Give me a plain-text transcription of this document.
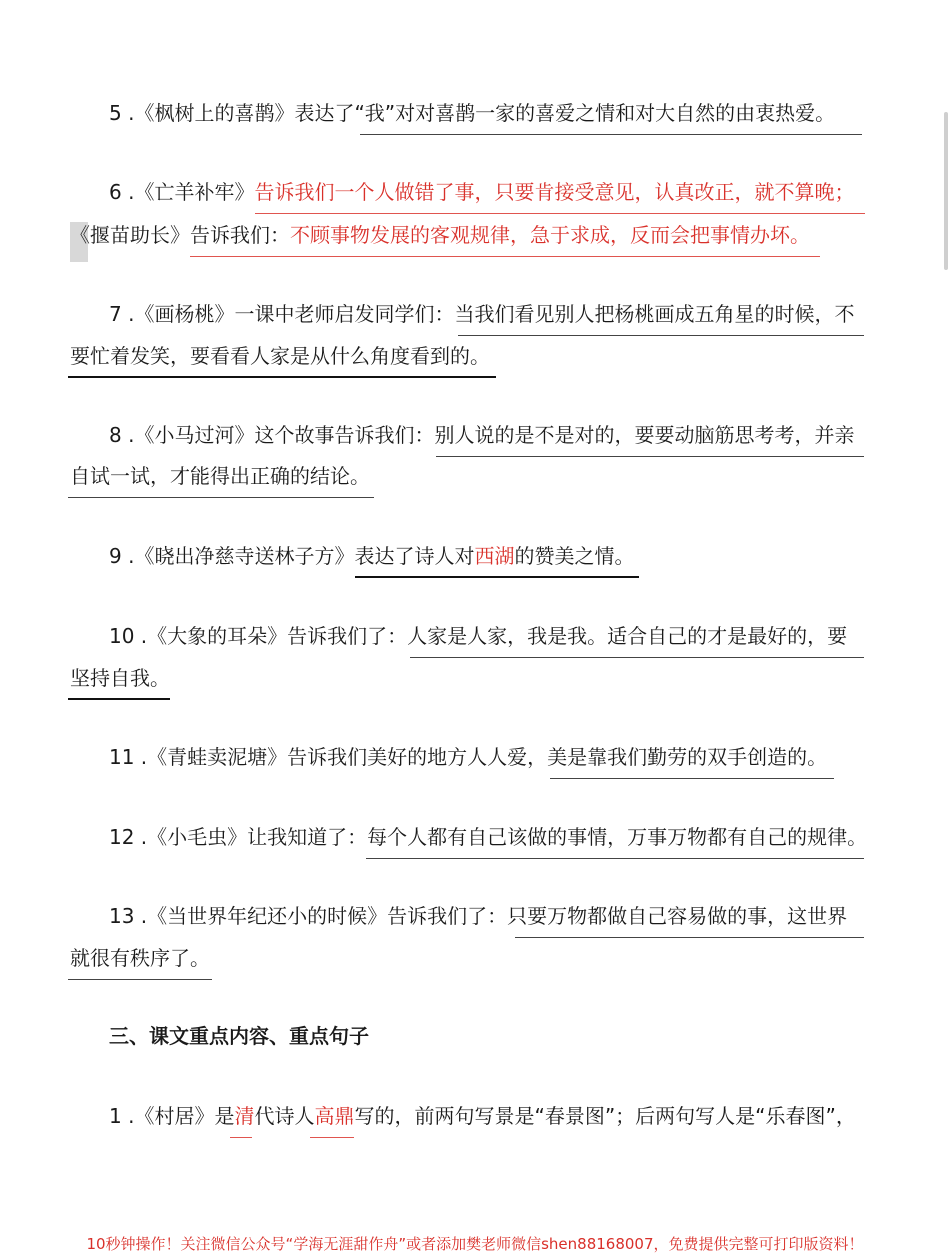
5 .《枫树上的喜鹊》表达了“我”对对喜鹊一家的喜爱之情和对大自然的由衷热爱。
6 .《亡羊补牢》告诉我们一个人做错了事，只要肯接受意见，认真改正，就不算晚；
《揠苗助长》告诉我们：不顾事物发展的客观规律，急于求成，反而会把事情办坏。
7 .《画杨桃》一课中老师启发同学们：当我们看见别人把杨桃画成五角星的时候，不
要忙着发笑，要看看人家是从什么角度看到的。
8 .《小马过河》这个故事告诉我们：别人说的是不是对的，要要动脑筋思考考，并亲
自试一试，才能得出正确的结论。
9 .《晓出净慈寺送林子方》表达了诗人对西湖的赞美之情。
10 .《大象的耳朵》告诉我们了：人家是人家，我是我。适合自己的才是最好的，要
坚持自我。
11 .《青蛙卖泥塘》告诉我们美好的地方人人爱，美是靠我们勤劳的双手创造的。
12 .《小毛虫》让我知道了：每个人都有自己该做的事情，万事万物都有自己的规律。
13 .《当世界年纪还小的时候》告诉我们了：只要万物都做自己容易做的事，这世界
就很有秩序了。
三、课文重点内容、重点句子
1 .《村居》是清代诗人高鼎写的，前两句写景是“春景图”；后两句写人是“乐春图”，
10秒钟操作！关注微信公众号“学海无涯甜作舟”或者添加樊老师微信shen88168007，免费提供完整可打印版资料！
